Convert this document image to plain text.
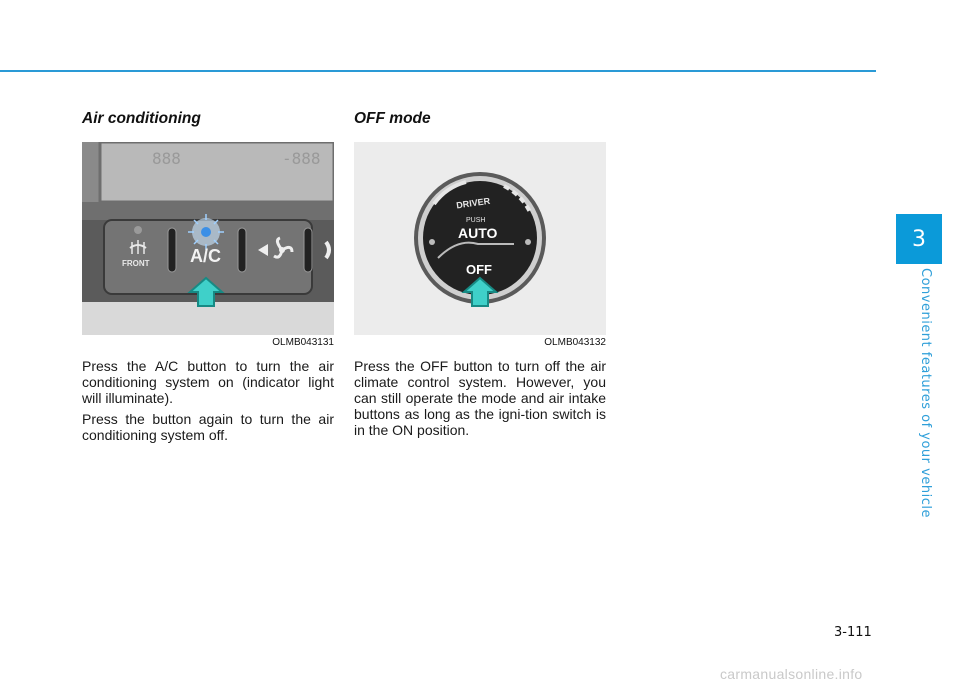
3
Convenient features of your vehicle
Air conditioning
888	-888
FRONT A/C
OLMB043131

Press the A/C button to turn the air conditioning system on (indicator light will illuminate).

Press the button again to turn the air conditioning system off.

OFF mode
DRIVER
PUSH
AUTO
OFF
OLMB043132

Press the OFF button to turn off the air climate control system. However, you can still operate the mode and air intake buttons as long as the igni-tion switch is in the ON position.

3-111
carmanualsonline.info
